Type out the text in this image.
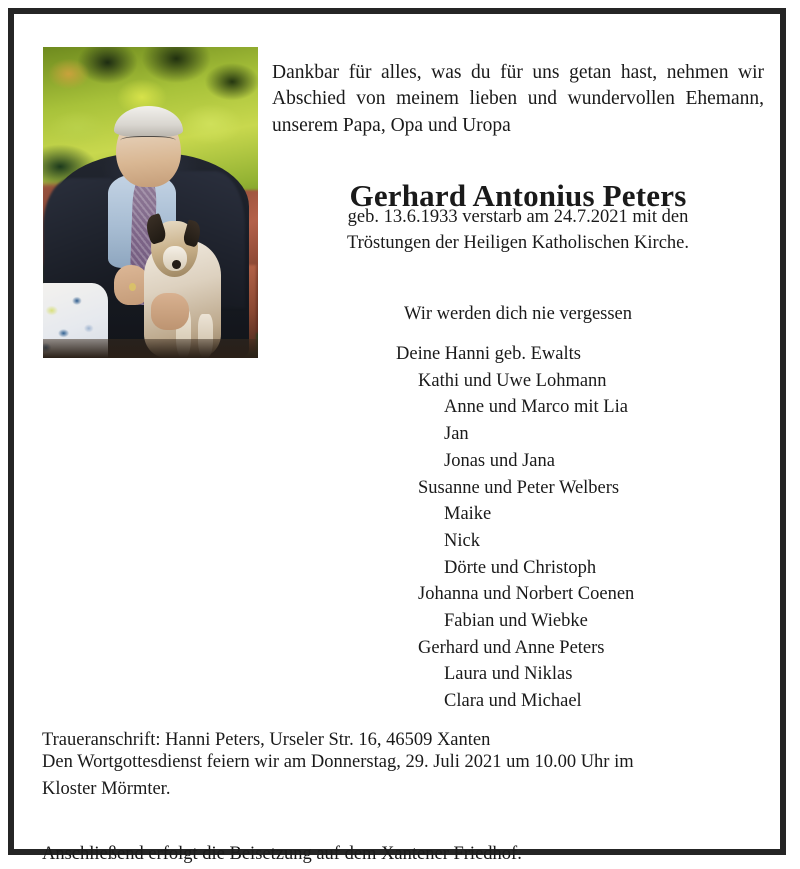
Dankbar für alles, was du für uns getan hast, nehmen wir Abschied von meinem lieben und wundervollen Ehemann, unserem Papa, Opa und Uropa

Gerhard Antonius Peters
geb. 13.6.1933 verstarb am 24.7.2021 mit den
Tröstungen der Heiligen Katholischen Kirche.

Wir werden dich nie vergessen

Deine Hanni geb. Ewalts
Kathi und Uwe Lohmann
Anne und Marco mit Lia
Jan
Jonas und Jana
Susanne und Peter Welbers
Maike
Nick
Dörte und Christoph
Johanna und Norbert Coenen
Fabian und Wiebke
Gerhard und Anne Peters
Laura und Niklas
Clara und Michael

Traueranschrift: Hanni Peters, Urseler Str. 16, 46509 Xanten

Den Wortgottesdienst feiern wir am Donnerstag, 29. Juli 2021 um 10.00 Uhr im
Kloster Mörmter.

Anschließend erfolgt die Beisetzung auf dem Xantener Friedhof.
